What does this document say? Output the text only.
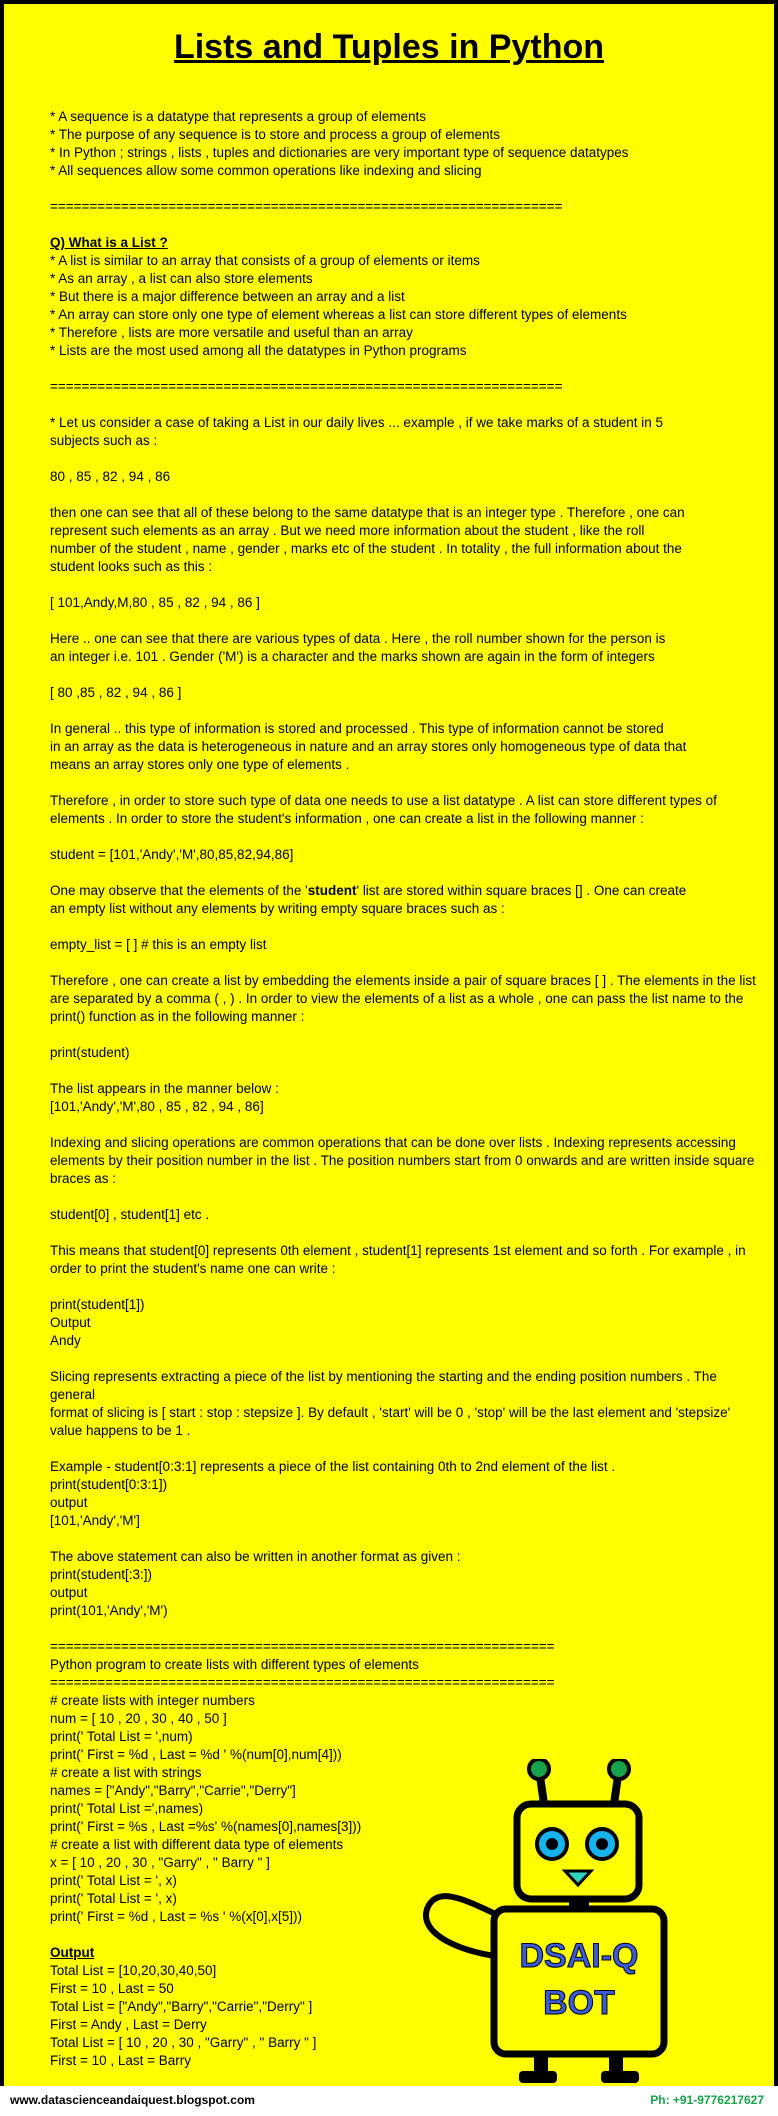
Lists and Tuples in Python

* A sequence is a datatype that represents a group of elements

* The purpose of any sequence is to store and process a group of elements

* In Python ; strings , lists , tuples and dictionaries are very important type of sequence datatypes

* All sequences allow some common operations like indexing and slicing

=================================================================

Q) What is a List ?

* A list is similar to an array that consists of a group of elements or items

* As an array , a list can also store elements

* But there is a major difference between an array and a list

* An array can store only one type of element whereas a list can store different types of elements

* Therefore , lists are more versatile and useful than an array

* Lists are the most used among all the datatypes in Python programs

=================================================================

* Let us consider a case of taking a List in our daily lives ... example , if we take marks of a student in 5

subjects such as :

80 , 85 , 82 , 94 , 86

then one can see that all of these belong to the same datatype that is an integer type . Therefore , one can

represent such elements as an array . But we need more information about the student , like the roll

number of the student , name , gender , marks etc of the student . In totality , the full information about the

student looks such as this :

[ 101,Andy,M,80 , 85 , 82 , 94 , 86 ]

Here .. one can see that there are various types of data . Here , the roll number shown for the person is

an integer i.e. 101 . Gender ('M') is a character and the marks shown are again in the form of integers

[ 80 ,85 , 82 , 94 , 86 ]

In general .. this type of information is stored and processed . This type of information cannot be stored

in an array as the data is heterogeneous in nature and an array stores only homogeneous type of data that

means an array stores only one type of elements .

Therefore , in order to store such type of data one needs to use a list datatype . A list can store different types of

elements . In order to store the student's information , one can create a list in the following manner :

student = [101,'Andy','M',80,85,82,94,86]

One may observe that the elements of the 'student' list are stored within square braces [] . One can create

an empty list without any elements by writing empty square braces such as :

empty_list = [ ] # this is an empty list

Therefore , one can create a list by embedding the elements inside a pair of square braces [ ] . The elements in the list

are separated by a comma ( , ) . In order to view the elements of a list as a whole , one can pass the list name to the

print() function as in the following manner :

print(student)

The list appears in the manner below :

[101,'Andy','M',80 , 85 , 82 , 94 , 86]

Indexing and slicing operations are common operations that can be done over lists . Indexing represents accessing

elements by their position number in the list . The position numbers start from 0 onwards and are written inside square

braces as :

student[0] , student[1] etc .

This means that student[0] represents 0th element , student[1] represents 1st element and so forth . For example , in

order to print the student's name one can write :

print(student[1])

Output

Andy

Slicing represents extracting a piece of the list by mentioning the starting and the ending position numbers . The general

format of slicing is [ start : stop : stepsize ]. By default , 'start' will be 0 , 'stop' will be the last element and 'stepsize'

value happens to be 1 .

Example - student[0:3:1] represents a piece of the list containing 0th to 2nd element of the list .

print(student[0:3:1])

output

[101,'Andy','M']

The above statement can also be written in another format as given :

print(student[:3:])

output

print(101,'Andy','M')

================================================================

Python program to create lists with different types of elements

================================================================

# create lists with integer numbers

num = [ 10 , 20 , 30 , 40 , 50 ]

print(' Total List = ',num)

print(' First = %d , Last = %d ' %(num[0],num[4]))

# create a list with strings

names = ["Andy","Barry","Carrie","Derry"]

print(' Total List =',names)

print(' First = %s , Last =%s' %(names[0],names[3]))

# create a list with different data type of elements

x = [ 10 , 20 , 30 , "Garry" , " Barry " ]

print(' Total List = ', x)

print(' Total List = ', x)

print(' First = %d , Last = %s ' %(x[0],x[5]))

Output

Total List = [10,20,30,40,50]

First = 10 , Last = 50

Total List = ["Andy","Barry","Carrie","Derry" ]

First = Andy , Last = Derry

Total List = [ 10 , 20 , 30 , "Garry" , " Barry " ]

First = 10 , Last = Barry

DSAI-Q
BOT
www.datascienceandaiquest.blogspot.com	Ph: +91-9776217627
